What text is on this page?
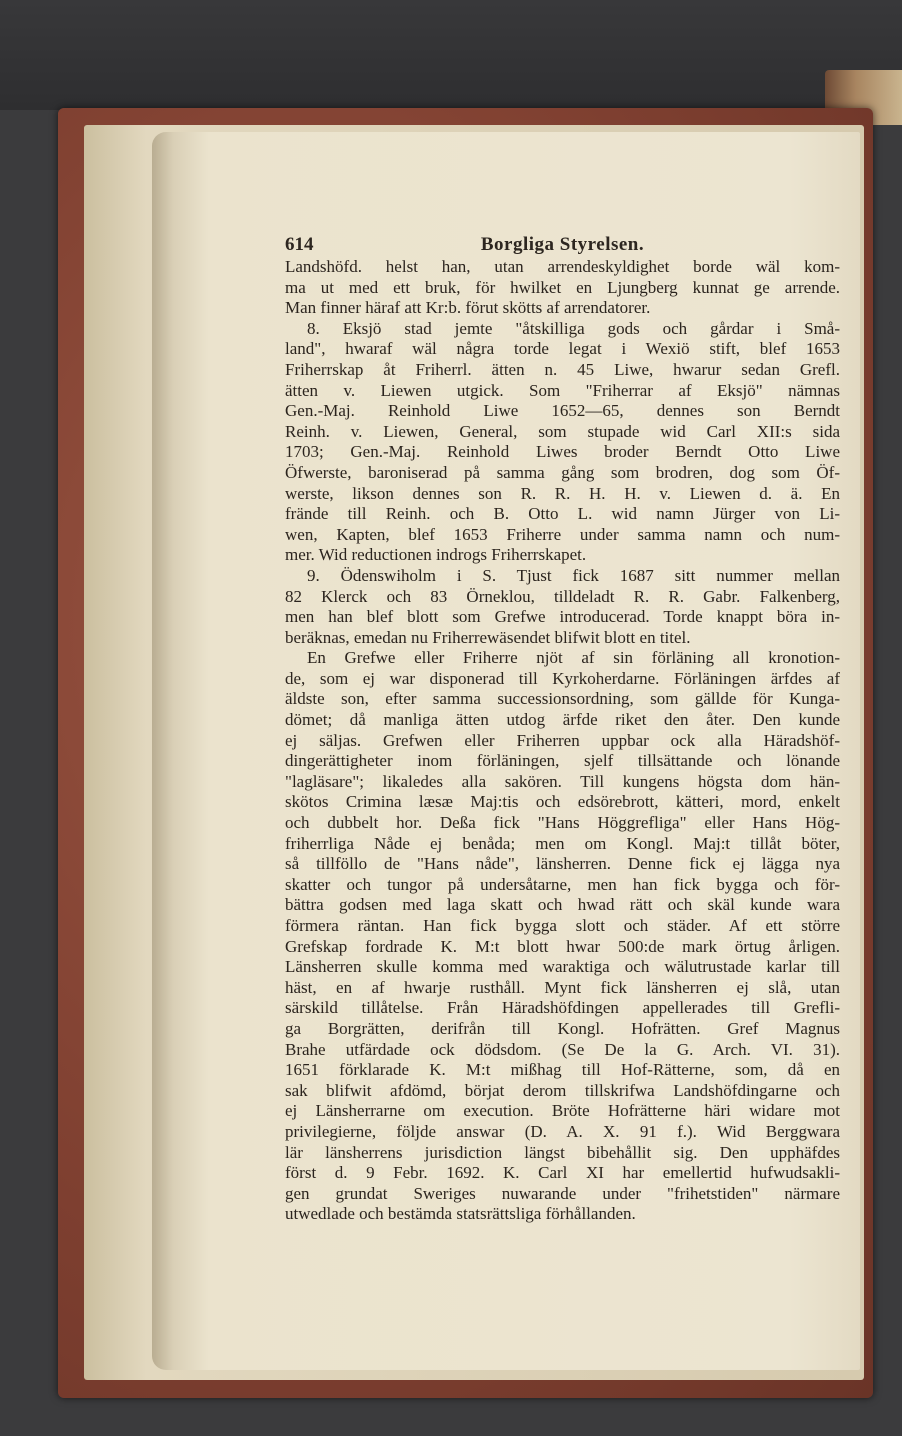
614	Borgliga Styrelsen.
Landshöfd. helst han, utan arrendeskyldighet borde wäl kom-
ma ut med ett bruk, för hwilket en Ljungberg kunnat ge arrende.
Man finner häraf att Kr:b. förut skötts af arrendatorer.
8. Eksjö stad jemte "åtskilliga gods och gårdar i Små-
land", hwaraf wäl några torde legat i Wexiö stift, blef 1653
Friherrskap åt Friherrl. ätten n. 45 Liwe, hwarur sedan Grefl.
ätten v. Liewen utgick. Som "Friherrar af Eksjö" nämnas
Gen.-Maj. Reinhold Liwe 1652—65, dennes son Berndt
Reinh. v. Liewen, General, som stupade wid Carl XII:s sida
1703; Gen.-Maj. Reinhold Liwes broder Berndt Otto Liwe
Öfwerste, baroniserad på samma gång som brodren, dog som Öf-
werste, likson dennes son R. R. H. H. v. Liewen d. ä. En
frände till Reinh. och B. Otto L. wid namn Jürger von Li-
wen, Kapten, blef 1653 Friherre under samma namn och num-
mer. Wid reductionen indrogs Friherrskapet.
9. Ödenswiholm i S. Tjust fick 1687 sitt nummer mellan
82 Klerck och 83 Örneklou, tilldeladt R. R. Gabr. Falkenberg,
men han blef blott som Grefwe introducerad. Torde knappt böra in-
beräknas, emedan nu Friherrewäsendet blifwit blott en titel.
En Grefwe eller Friherre njöt af sin förläning all kronotion-
de, som ej war disponerad till Kyrkoherdarne. Förläningen ärfdes af
äldste son, efter samma successionsordning, som gällde för Kunga-
dömet; då manliga ätten utdog ärfde riket den åter. Den kunde
ej säljas. Grefwen eller Friherren uppbar ock alla Häradshöf-
dingerättigheter inom förläningen, sjelf tillsättande och lönande
"lagläsare"; likaledes alla sakören. Till kungens högsta dom hän-
skötos Crimina læsæ Maj:tis och edsörebrott, kätteri, mord, enkelt
och dubbelt hor. Deßa fick "Hans Höggrefliga" eller Hans Hög-
friherrliga Nåde ej benåda; men om Kongl. Maj:t tillåt böter,
så tillföllo de "Hans nåde", länsherren. Denne fick ej lägga nya
skatter och tungor på undersåtarne, men han fick bygga och för-
bättra godsen med laga skatt och hwad rätt och skäl kunde wara
förmera räntan. Han fick bygga slott och städer. Af ett större
Grefskap fordrade K. M:t blott hwar 500:de mark örtug årligen.
Länsherren skulle komma med waraktiga och wälutrustade karlar till
häst, en af hwarje rusthåll. Mynt fick länsherren ej slå, utan
särskild tillåtelse. Från Häradshöfdingen appellerades till Grefli-
ga Borgrätten, derifrån till Kongl. Hofrätten. Gref Magnus
Brahe utfärdade ock dödsdom. (Se De la G. Arch. VI. 31).
1651 förklarade K. M:t mißhag till Hof-Rätterne, som, då en
sak blifwit afdömd, börjat derom tillskrifwa Landshöfdingarne och
ej Länsherrarne om execution. Bröte Hofrätterne häri widare mot
privilegierne, följde answar (D. A. X. 91 f.). Wid Berggwara
lär länsherrens jurisdiction längst bibehållit sig. Den upphäfdes
först d. 9 Febr. 1692. K. Carl XI har emellertid hufwudsakli-
gen grundat Sweriges nuwarande under "frihetstiden" närmare
utwedlade och bestämda statsrättsliga förhållanden.
